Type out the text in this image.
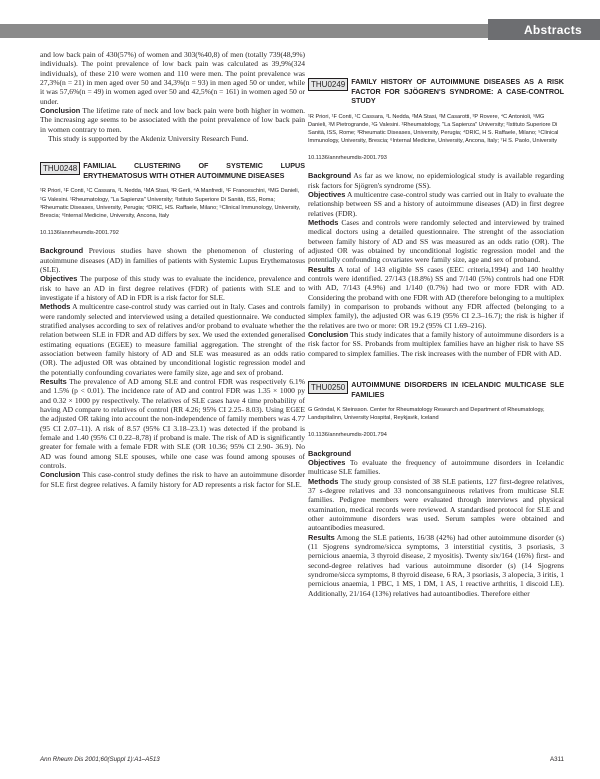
Abstracts

and low back pain of 430(57%) of women and 303(%40,8) of men (totally 739(48,9%) individuals). The point prevalence of low back pain was calculated as 39,9%(324 individuals), of these 210 were women and 110 were men. The point prevalence was 27,3%(n = 21) in men aged over 50 and 34,3%(n = 93) in men aged 50 or under, while it was 57,6%(n = 49) in women aged over 50 and 42,5%(n = 161) in women aged 50 or under.

Conclusion The lifetime rate of neck and low back pain were both higher in women. The increasing age seems to be associated with the point prevalence of low back pain in women contrary to men.

This study is supported by the Akdeniz University Research Fund.

THU0248 FAMILIAL CLUSTERING OF SYSTEMIC LUPUS ERYTHEMATOSUS WITH OTHER AUTOIMMUNE DISEASES
¹R Priori, ¹F Conti, ¹C Cassara, ²L Nedda, ¹MA Stasi, ³R Gerli, ⁴A Manfredi, ⁵F Franceschini, ⁶MG Danieli, ¹G Valesini. ¹Rheumatology, "La Sapienza" University; ²Istituto Superiore Di Sanità, ISS, Roma; ³Rheumatic Diseases, University, Perugia; ⁴DRIC, HS. Raffaele, Milano; ⁵Clinical Immunology, University, Brescia; ⁶Internal Medicine, University, Ancona, Italy
10.1136/annrheumdis-2001.792

Background Previous studies have shown the phenomenon of clustering of autoimmune diseases (AD) in families of patients with Systemic Lupus Erythematosus (SLE).

Objectives The purpose of this study was to evaluate the incidence, prevalence and risk to have an AD in first degree relatives (FDR) of patients with SLE and to investigate if a history of AD in FDR is a risk factor for SLE.

Methods A multicentre case-control study was carried out in Italy. Cases and controls were randomly selected and interviewed using a detailed questionnaire. We conducted stratified analyses according to sex of relatives and/or proband to evaluate whether the relation between SLE in FDR and AD differs by sex. We used the extended generalised estimating equations (EGEE) to measure familial aggregation. The strenght of the association between family history of AD and SLE was measured as an odds ratio (OR). The adjusted OR was obtained by unconditional logistic regression model and the potentially confounding covariates were family size, age and sex of proband.

Results The prevalence of AD among SLE and control FDR was respectively 6.1% and 1.5% (p < 0.01). The incidence rate of AD and control FDR was 1.35 × 1000 py and 0.32 × 1000 py respectively. The relatives of SLE cases have 4 time probability of having AD compare to relatives of control (RR 4.26; 95% CI 2.25- 8.03). Using EGEE the adjusted OR taking into account the non-independence of family members was 4.77 (95 CI 2.07–11). A risk of 8.57 (95% CI 3.18–23.1) was detected if the proband is female and 1.40 (95% CI 0.22–8,78) if proband is male. The risk of AD is significantly greater for female with a female FDR with SLE (OR 10.36; 95% CI 2.90- 36.9). No AD was found among SLE spouses, while one case was found among spouses of controls.

Conclusion This case-control study defines the risk to have an autoimmune disorder for SLE first degree relatives. A family history for AD represents a risk factor for SLE.

THU0249 FAMILY HISTORY OF AUTOIMMUNE DISEASES AS A RISK FACTOR FOR SJÖGREN'S SYNDROME: A CASE-CONTROL STUDY
¹R Priori, ¹F Conti, ¹C Cassara, ²L Nedda, ²MA Stasi, ²M Casarotti, ³P Rovere, ⁴C Antonioli, ⁵MG Danieli, ¹M Pietrogrande, ¹G Valesini. ¹Rheumatology, "La Sapienza" University; ²Istituto Superiore Di Sanità, ISS, Rome; ³Rheumatic Diseases, University, Perugia; ⁴DRIC, H S. Raffaele, Milano; ⁵Clinical Immunology, University, Brescia; ⁶Internal Medicine, University, Ancona, Italy; ⁷H S. Paolo, University
10.1136/annrheumdis-2001.793

Background As far as we know, no epidemiological study is available regarding risk factors for Sjögren's syndrome (SS).

Objectives A multicentre case-control study was carried out in Italy to evaluate the relationship between SS and a history of autoimmune diseases (AD) in first degree relatives (FDR).

Methods Cases and controls were randomly selected and interviewed by trained medical doctors using a detailed questionnaire. The strenght of the association between family history of AD and SS was measured as an odds ratio (OR). The adjusted OR was obtained by unconditional logistic regression model and the potentially confounding covariates were family size, age and sex of proband.

Results A total of 143 eligible SS cases (EEC criteria,1994) and 140 healthy controls were identified. 27/143 (18.8%) SS and 7/140 (5%) controls had one FDR with AD, 7/143 (4.9%) and 1/140 (0.7%) had two or more FDR with AD. Considering the proband with one FDR with AD (therefore belonging to a multiplex family) in comparison to probands without any FDR affected (belonging to a simplex family), the adjusted OR was 6.19 (95% CI 2.3–16.7); the risk is higher if the relatives are two or more: OR 19.2 (95% CI 1.69–216).

Conclusion This study indicates that a family history of autoimmune disorders is a risk factor for SS. Probands from multiplex families have an higher risk to have SS compared to simplex families. The risk increases with the number of FDR with AD.

THU0250 AUTOIMMUNE DISORDERS IN ICELANDIC MULTICASE SLE FAMILIES
G Gröndal, K Steinsson. Center for Rheumatology Research and Department of Rheumatology, Landspitalinn, University Hospital, Reykjavik, Iceland
10.1136/annrheumdis-2001.794

Background

Objectives To evaluate the frequency of autoimmune disorders in Icelandic multicase SLE families.

Methods The study group consisted of 38 SLE patients, 127 first-degree relatives, 37 s-degree relatives and 33 nonconsanguineous relatives from multicase SLE families. Pedigree members were evaluated through interviews and physical examination, medical records were reviewed. A standardised protocol for SLE and other autoimmune disorders was used. Serum samples were obtained and autoantibodies measured.

Results Among the SLE patients, 16/38 (42%) had other autoimmune disorder (s) (11 Sjogrens syndrome/sicca symptoms, 3 interstitial cystitis, 3 psoriasis, 3 pernicious anaemia, 3 thyroid disease, 2 myositis). Twenty six/164 (16%) first- and second-degree relatives had various autoimmune disorder (s) (14 Sjogrens syndrome/sicca symptoms, 8 thyroid disease, 6 RA, 3 psoriasis, 3 alopecia, 3 iritis, 1 pernicious anaemia, 1 PBC, 1 MS, 1 DM, 1 AS, 1 reactive arthritis, 1 discoid LE). Additionally, 21/164 (13%) relatives had autoantibodies. Therefore either

Ann Rheum Dis 2001;60(Suppl 1):A1–A513	A311
